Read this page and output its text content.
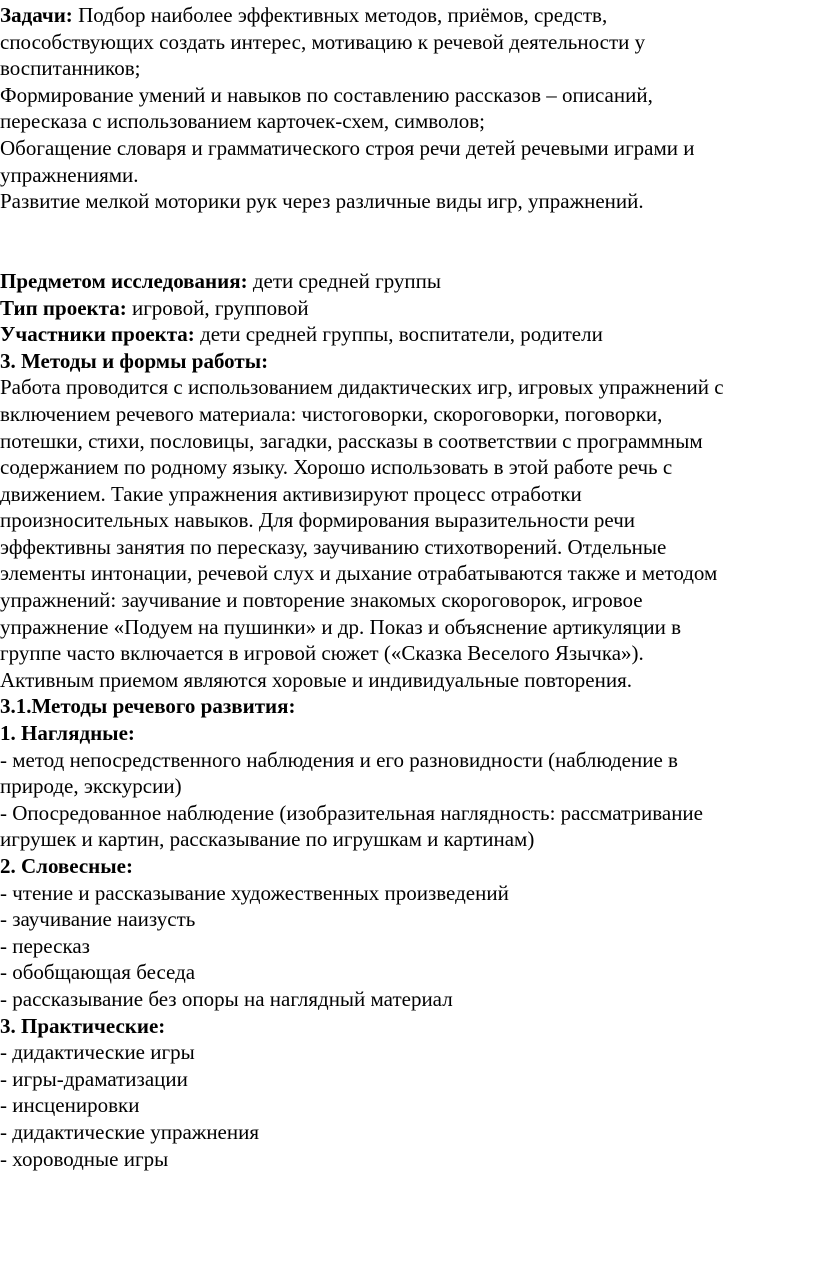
Задачи: Подбор наиболее эффективных методов, приёмов, средств,
способствующих создать интерес, мотивацию к речевой деятельности у
воспитанников;
Формирование умений и навыков по составлению рассказов – описаний,
пересказа с использованием карточек-схем, символов;
Обогащение словаря и грамматического строя речи детей речевыми играми и
упражнениями.
Развитие мелкой моторики рук через различные виды игр, упражнений.
Предметом исследования: дети средней группы
Тип проекта: игровой, групповой
Участники проекта: дети средней группы, воспитатели, родители
3. Методы и формы работы:
Работа проводится с использованием дидактических игр, игровых упражнений с
включением речевого материала: чистоговорки, скороговорки, поговорки,
потешки, стихи, пословицы, загадки, рассказы в соответствии с программным
содержанием по родному языку. Хорошо использовать в этой работе речь с
движением. Такие упражнения активизируют процесс отработки
произносительных навыков. Для формирования выразительности речи
эффективны занятия по пересказу, заучиванию стихотворений. Отдельные
элементы интонации, речевой слух и дыхание отрабатываются также и методом
упражнений: заучивание и повторение знакомых скороговорок, игровое
упражнение «Подуем на пушинки» и др. Показ и объяснение артикуляции в
группе часто включается в игровой сюжет («Сказка Веселого Язычка»).
Активным приемом являются хоровые и индивидуальные повторения.
3.1.Методы речевого развития:
1. Наглядные:
- метод непосредственного наблюдения и его разновидности (наблюдение в
природе, экскурсии)
- Опосредованное наблюдение (изобразительная наглядность: рассматривание
игрушек и картин, рассказывание по игрушкам и картинам)
2. Словесные:
- чтение и рассказывание художественных произведений
- заучивание наизусть
- пересказ
- обобщающая беседа
- рассказывание без опоры на наглядный материал
3. Практические:
- дидактические игры
- игры-драматизации
- инсценировки
- дидактические упражнения
- хороводные игры
